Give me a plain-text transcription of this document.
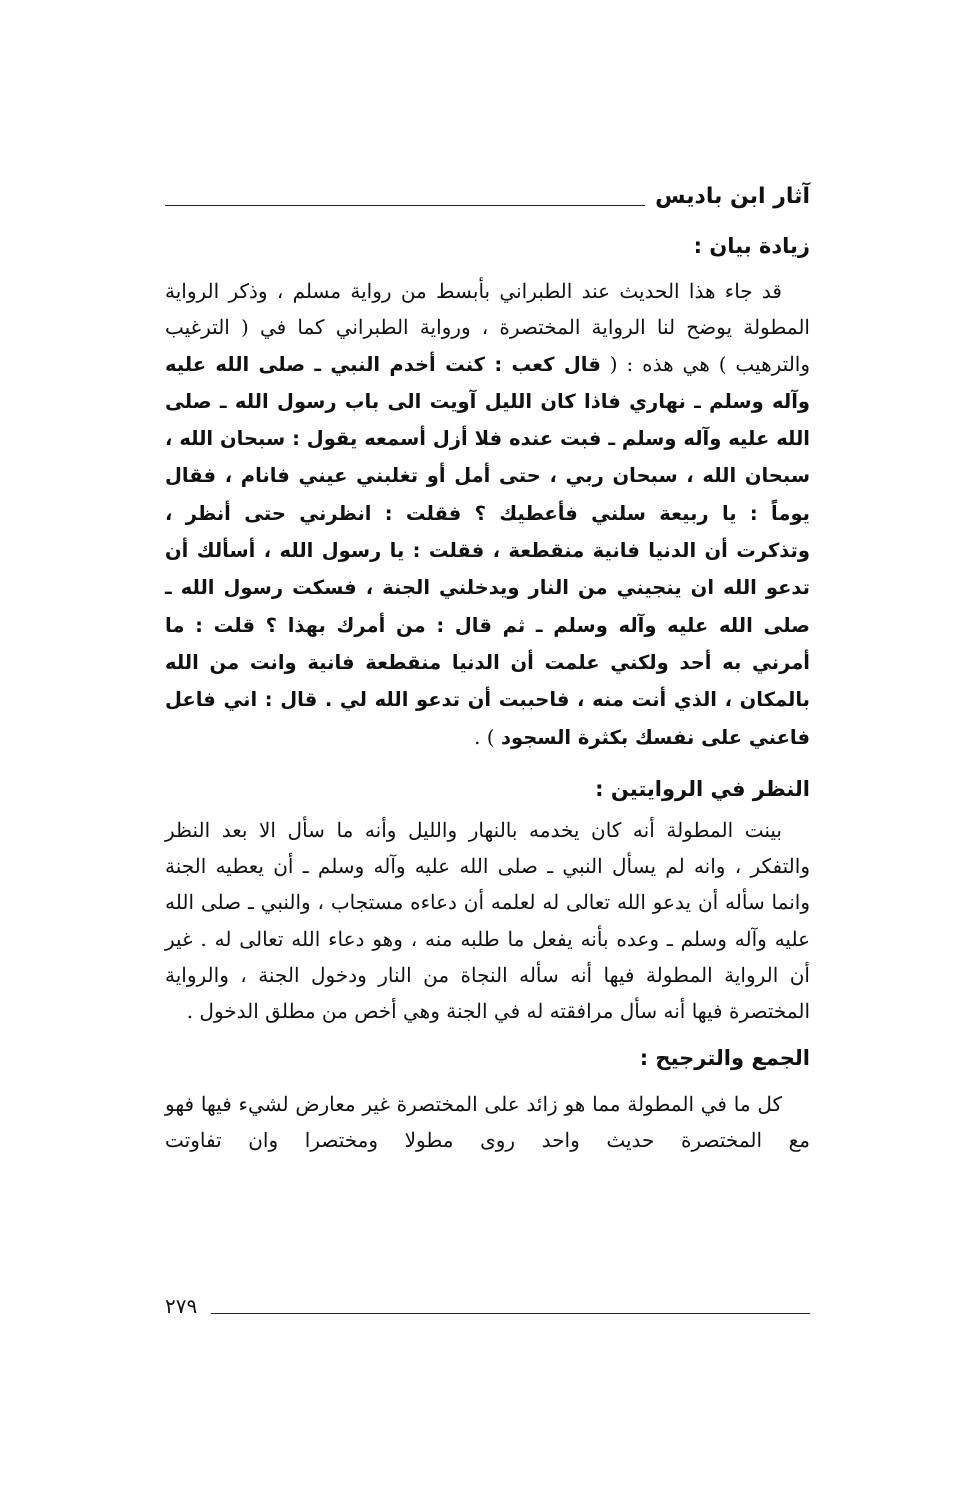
آثار ابن باديس
زيادة بيان :

قد جاء هذا الحديث عند الطبراني بأبسط من رواية مسلم ، وذكر الرواية المطولة يوضح لنا الرواية المختصرة ، ورواية الطبراني كما في ( الترغيب والترهيب ) هي هذه : ( قال كعب : كنت أخدم النبي ـ صلى الله عليه وآله وسلم ـ نهاري فاذا كان الليل آويت الى باب رسول الله ـ صلى الله عليه وآله وسلم ـ فبت عنده فلا أزل أسمعه يقول : سبحان الله ، سبحان الله ، سبحان ربي ، حتى أمل أو تغلبني عيني فانام ، فقال يوماً : يا ربيعة سلني فأعطيك ؟ فقلت : انظرني حتى أنظر ، وتذكرت أن الدنيا فانية منقطعة ، فقلت : يا رسول الله ، أسألك أن تدعو الله ان ينجيني من النار ويدخلني الجنة ، فسكت رسول الله ـ صلى الله عليه وآله وسلم ـ ثم قال : من أمرك بهذا ؟ قلت : ما أمرني به أحد ولكني علمت أن الدنيا منقطعة فانية وانت من الله بالمكان ، الذي أنت منه ، فاحببت أن تدعو الله لي . قال : اني فاعل فاعني على نفسك بكثرة السجود ) .

النظر في الروايتين :

بينت المطولة أنه كان يخدمه بالنهار والليل وأنه ما سأل الا بعد النظر والتفكر ، وانه لم يسأل النبي ـ صلى الله عليه وآله وسلم ـ أن يعطيه الجنة وانما سأله أن يدعو الله تعالى له لعلمه أن دعاءه مستجاب ، والنبي ـ صلى الله عليه وآله وسلم ـ وعده بأنه يفعل ما طلبه منه ، وهو دعاء الله تعالى له . غير أن الرواية المطولة فيها أنه سأله النجاة من النار ودخول الجنة ، والرواية المختصرة فيها أنه سأل مرافقته له في الجنة وهي أخص من مطلق الدخول .

الجمع والترجيح :

كل ما في المطولة مما هو زائد على المختصرة غير معارض لشيء فيها فهو مع المختصرة حديث واحد روى مطولا ومختصرا وان تفاوتت

٢٧٩
